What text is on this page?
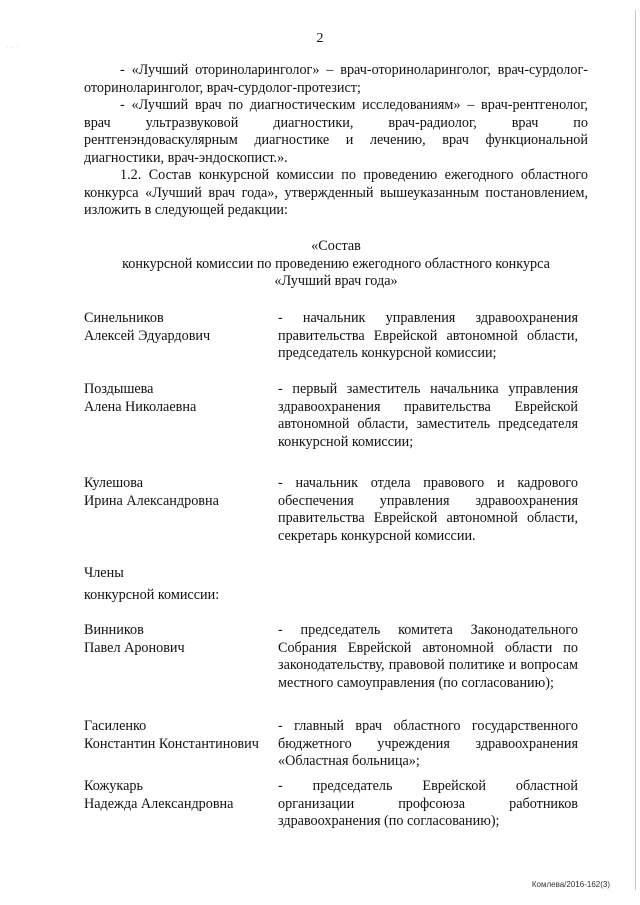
· ·· ·
2

- «Лучший оториноларинголог» – врач-оториноларинголог, врач-сурдолог-оториноларинголог, врач-сурдолог-протезист;

- «Лучший врач по диагностическим исследованиям» – врач-рентгенолог, врач ультразвуковой диагностики, врач-радиолог, врач по рентгенэндоваскулярным диагностике и лечению, врач функциональной диагностики, врач-эндоскопист.».

1.2. Состав конкурсной комиссии по проведению ежегодного областного конкурса «Лучший врач года», утвержденный вышеуказанным постановлением, изложить в следующей редакции:

«Состав
конкурсной комиссии по проведению ежегодного областного конкурса
«Лучший врач года»
Синельников
Алексей Эдуардович
- начальник управления здравоохранения правительства Еврейской автономной области, председатель конкурсной комиссии;
Поздышева
Алена Николаевна
- первый заместитель начальника управления здравоохранения правительства Еврейской автономной области, заместитель председателя конкурсной комиссии;
Кулешова
Ирина Александровна
- начальник отдела правового и кадрового обеспечения управления здравоохранения правительства Еврейской автономной области, секретарь конкурсной комиссии.
Члены
конкурсной комиссии:
Винников
Павел Аронович
- председатель комитета Законодательного Собрания Еврейской автономной области по законодательству, правовой политике и вопросам местного самоуправления (по согласованию);
Гасиленко
Константин Константинович
- главный врач областного государственного бюджетного учреждения здравоохранения «Областная больница»;
Кожукарь
Надежда Александровна
- председатель Еврейской областной организации профсоюза работников здравоохранения (по согласованию);
Комлева/2016-162(3)
